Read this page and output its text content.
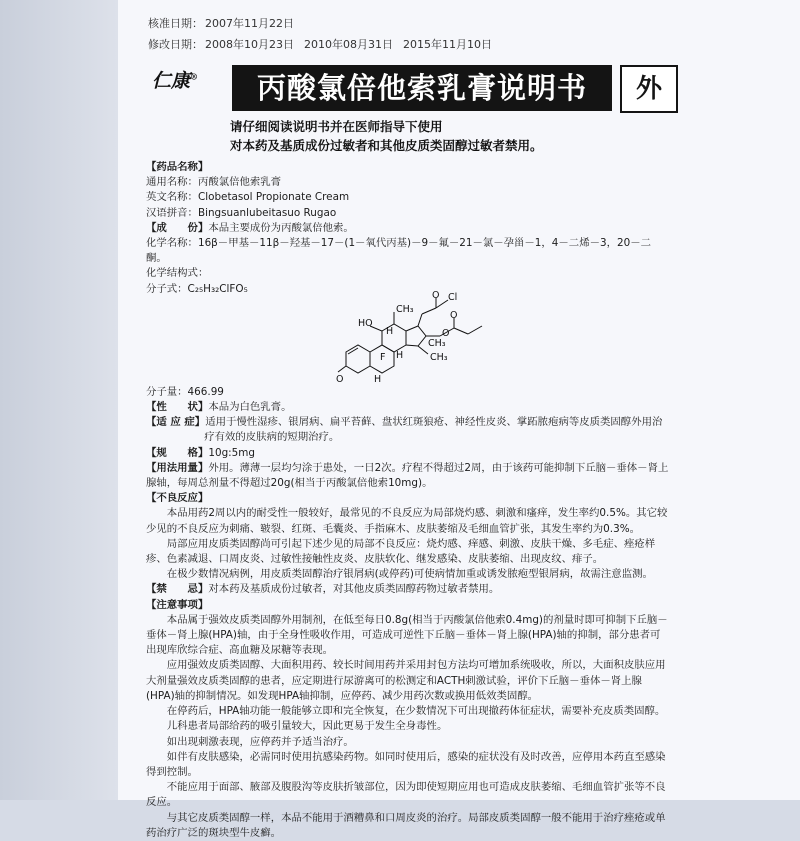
核准日期： 2007年11月22日
修改日期： 2008年10月23日 2010年08月31日 2015年11月10日
仁康®	丙酸氯倍他索乳膏说明书	外
请仔细阅读说明书并在医师指导下使用
对本药及基质成份过敏者和其他皮质类固醇过敏者禁用。

【药品名称】

通用名称：丙酸氯倍他索乳膏

英文名称：Clobetasol Propionate Cream

汉语拼音：Bingsuanlubeitasuo Rugao

【成　　份】本品主要成份为丙酸氯倍他索。

化学名称：16β－甲基－11β－羟基－17－(1－氧代丙基)－9－氟－21－氯－孕甾－1，4－二烯－3，20－二酮。

化学结构式：

分子式：C₂₅H₃₂ClFO₅

O
Cl
HO
CH₃
H
O
CH₃
O
F H
H
CH₃
O

分子量：466.99

【性　　状】本品为白色乳膏。

【适 应 症】适用于慢性湿疹、银屑病、扁平苔藓、盘状红斑狼疮、神经性皮炎、掌跖脓疱病等皮质类固醇外用治疗有效的皮肤病的短期治疗。

【规　　格】10g:5mg

【用法用量】外用。薄薄一层均匀涂于患处，一日2次。疗程不得超过2周，由于该药可能抑制下丘脑－垂体－肾上腺轴，每周总剂量不得超过20g(相当于丙酸氯倍他索10mg)。

【不良反应】

本品用药2周以内的耐受性一般较好，最常见的不良反应为局部烧灼感、刺激和瘙痒，发生率约0.5%。其它较少见的不良反应为刺痛、皲裂、红斑、毛囊炎、手指麻木、皮肤萎缩及毛细血管扩张，其发生率约为0.3%。

局部应用皮质类固醇尚可引起下述少见的局部不良反应：烧灼感、痒感、刺激、皮肤干燥、多毛症、痤疮样疹、色素减退、口周皮炎、过敏性接触性皮炎、皮肤软化、继发感染、皮肤萎缩、出现皮纹、痱子。

在极少数情况病例，用皮质类固醇治疗银屑病(或停药)可使病情加重或诱发脓疱型银屑病，故需注意监测。

【禁　　忌】对本药及基质成份过敏者，对其他皮质类固醇药物过敏者禁用。

【注意事项】

本品属于强效皮质类固醇外用制剂，在低至每日0.8g(相当于丙酸氯倍他索0.4mg)的剂量时即可抑制下丘脑－垂体－肾上腺(HPA)轴，由于全身性吸收作用，可造成可逆性下丘脑－垂体－肾上腺(HPA)轴的抑制，部分患者可出现库欣综合症、高血糖及尿糖等表现。

应用强效皮质类固醇、大面积用药、较长时间用药并采用封包方法均可增加系统吸收，所以，大面积皮肤应用大剂量强效皮质类固醇的患者，应定期进行尿游离可的松测定和ACTH刺激试验，评价下丘脑－垂体－肾上腺(HPA)轴的抑制情况。如发现HPA轴抑制，应停药、减少用药次数或换用低效类固醇。

在停药后，HPA轴功能一般能够立即和完全恢复，在少数情况下可出现撤药体征症状，需要补充皮质类固醇。

儿科患者局部给药的吸引量较大，因此更易于发生全身毒性。

如出现刺激表现，应停药并予适当治疗。

如伴有皮肤感染，必需同时使用抗感染药物。如同时使用后，感染的症状没有及时改善，应停用本药直至感染得到控制。

不能应用于面部、腋部及腹股沟等皮肤折皱部位，因为即使短期应用也可造成皮肤萎缩、毛细血管扩张等不良反应。

与其它皮质类固醇一样，本品不能用于酒糟鼻和口周皮炎的治疗。局部皮质类固醇一般不能用于治疗痤疮或单药治疗广泛的斑块型牛皮癣。
